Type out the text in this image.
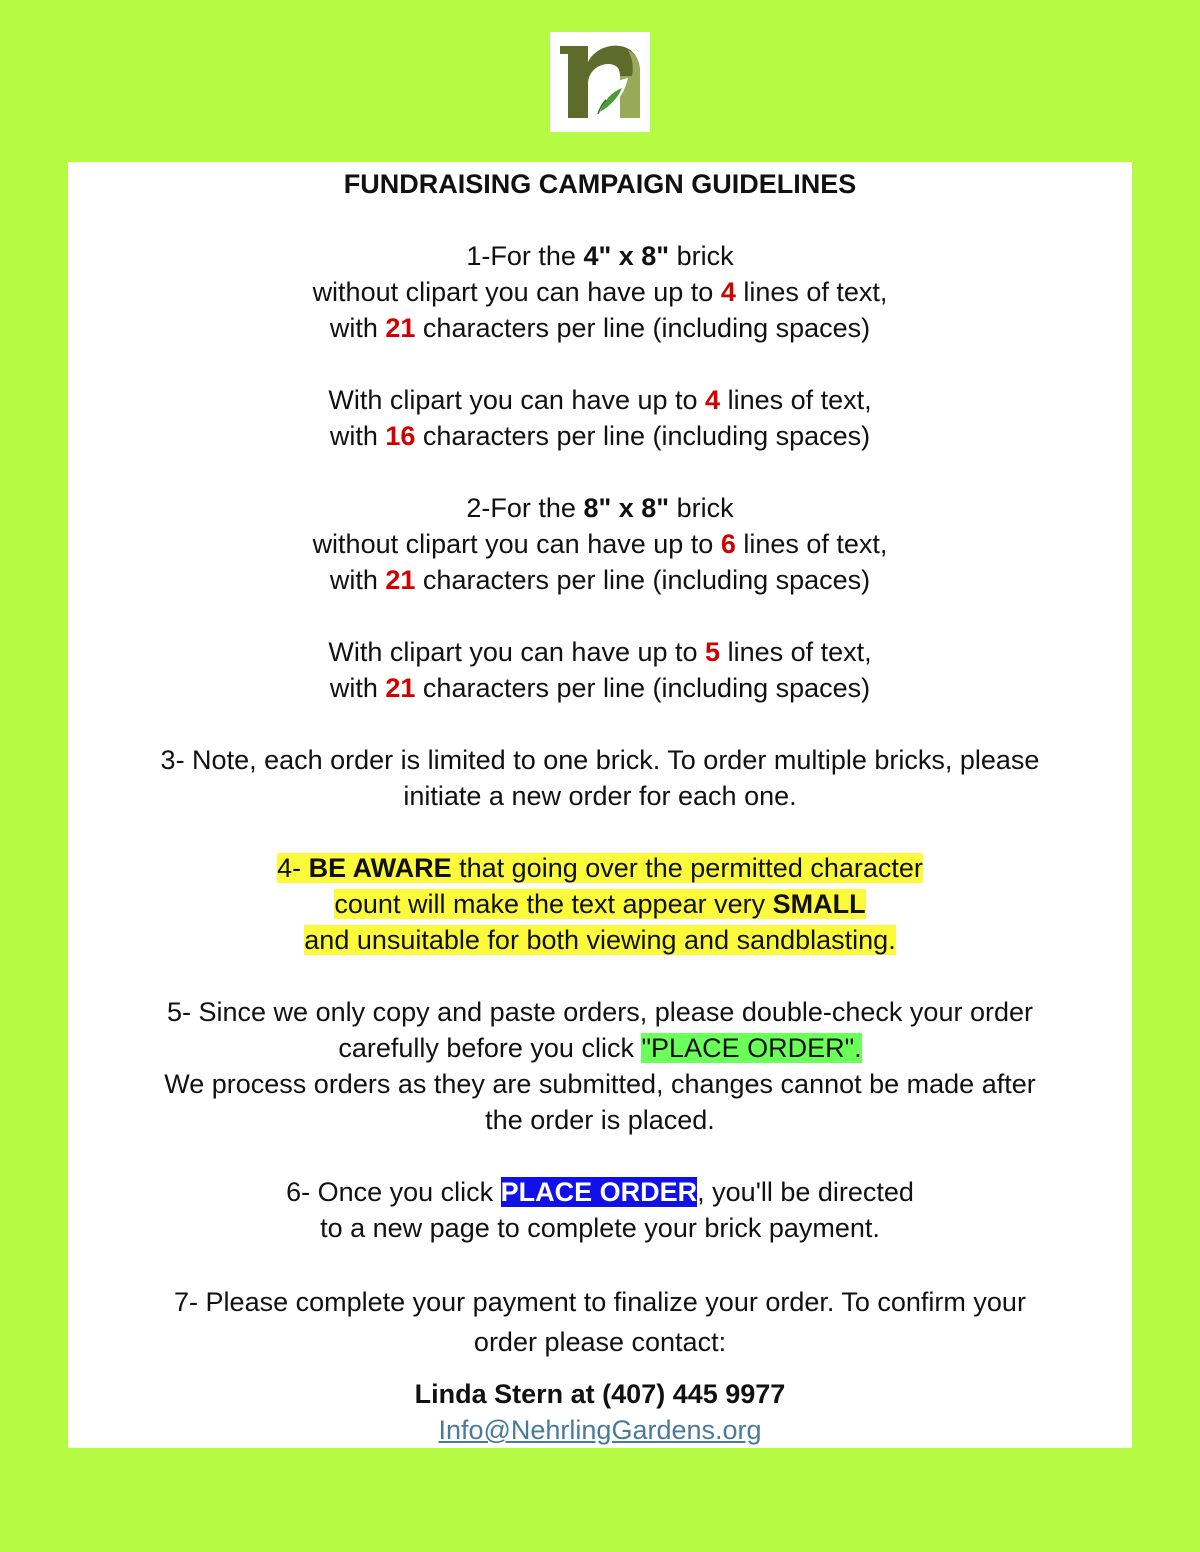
FUNDRAISING CAMPAIGN GUIDELINES
1-For the 4" x 8" brick
without clipart you can have up to 4 lines of text,
with 21 characters per line (including spaces)
With clipart you can have up to 4 lines of text,
with 16 characters per line (including spaces)
2-For the 8" x 8" brick
without clipart you can have up to 6 lines of text,
with 21 characters per line (including spaces)
With clipart you can have up to 5 lines of text,
with 21 characters per line (including spaces)
3- Note, each order is limited to one brick. To order multiple bricks, please
initiate a new order for each one.
4- BE AWARE that going over the permitted character
count will make the text appear very SMALL
and unsuitable for both viewing and sandblasting.
5- Since we only copy and paste orders, please double-check your order
carefully before you click "PLACE ORDER".
We process orders as they are submitted, changes cannot be made after
the order is placed.
6- Once you click PLACE ORDER, you'll be directed
to a new page to complete your brick payment.
7- Please complete your payment to finalize your order. To confirm your
order please contact:
Linda Stern at (407) 445 9977
Info@NehrlingGardens.org
